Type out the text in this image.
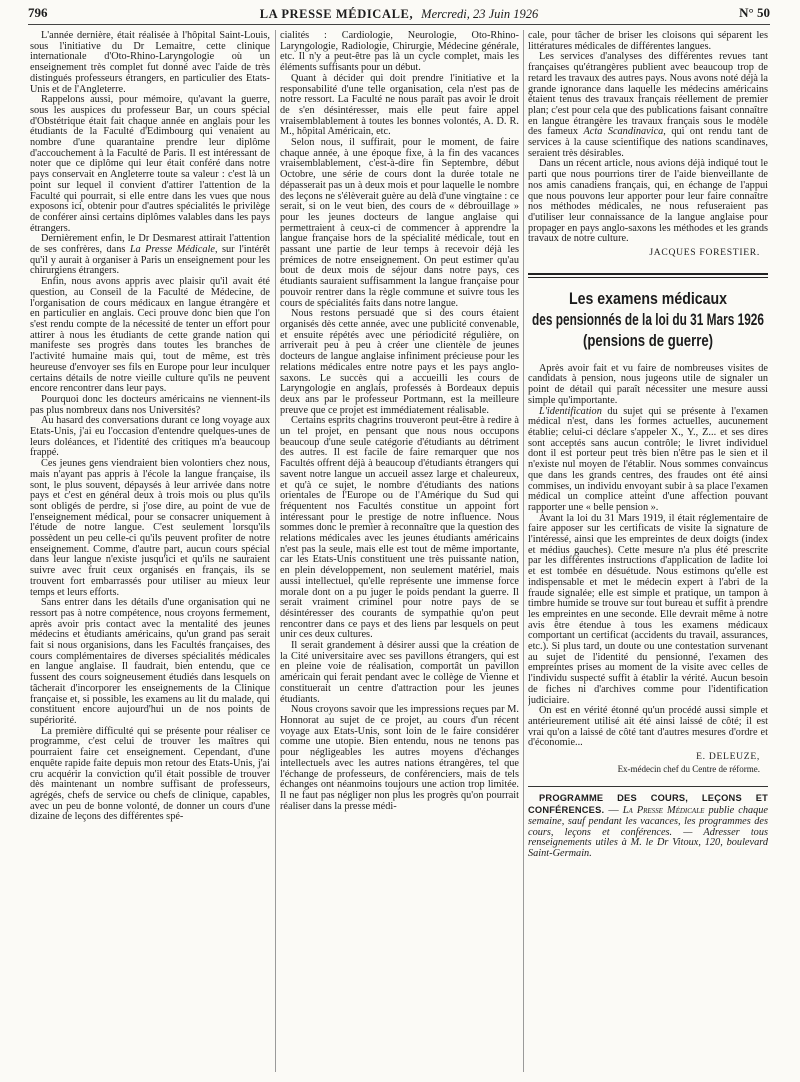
796	LA PRESSE MÉDICALE, Mercredi, 23 Juin 1926	N° 50

L'année dernière, était réalisée à l'hôpital Saint-Louis, sous l'initiative du Dr Lemaitre, cette clinique internationale d'Oto-Rhino-Laryngologie où un enseignement très complet fut donné avec l'aide de très distingués professeurs étrangers, en particulier des Etats-Unis et de l'Angleterre.

Rappelons aussi, pour mémoire, qu'avant la guerre, sous les auspices du professeur Bar, un cours spécial d'Obstétrique était fait chaque année en anglais pour les étudiants de la Faculté d'Edimbourg qui venaient au nombre d'une quarantaine prendre leur diplôme d'accouchement à la Faculté de Paris. Il est intéressant de noter que ce diplôme qui leur était conféré dans notre pays conservait en Angleterre toute sa valeur : c'est là un point sur lequel il convient d'attirer l'attention de la Faculté qui pourrait, si elle entre dans les vues que nous exposons ici, obtenir pour d'autres spécialités le privilège de conférer ainsi certains diplômes valables dans les pays étrangers.

Dernièrement enfin, le Dr Desmarest attirait l'attention de ses confrères, dans La Presse Médicale, sur l'intérêt qu'il y aurait à organiser à Paris un enseignement pour les chirurgiens étrangers.

Enfin, nous avons appris avec plaisir qu'il avait été question, au Conseil de la Faculté de Médecine, de l'organisation de cours médicaux en langue étrangère et en particulier en anglais. Ceci prouve donc bien que l'on s'est rendu compte de la nécessité de tenter un effort pour attirer à nous les étudiants de cette grande nation qui manifeste ses progrès dans toutes les branches de l'activité humaine mais qui, tout de même, est très heureuse d'envoyer ses fils en Europe pour leur inculquer certains détails de notre vieille culture qu'ils ne peuvent encore rencontrer dans leur pays.

Pourquoi donc les docteurs américains ne viennent-ils pas plus nombreux dans nos Universités?

Au hasard des conversations durant ce long voyage aux Etats-Unis, j'ai eu l'occasion d'entendre quelques-unes de leurs doléances, et l'identité des critiques m'a beaucoup frappé.

Ces jeunes gens viendraient bien volontiers chez nous, mais n'ayant pas appris à l'école la langue française, ils sont, le plus souvent, dépaysés à leur arrivée dans notre pays et c'est en général deux à trois mois ou plus qu'ils sont obligés de perdre, si j'ose dire, au point de vue de l'enseignement médical, pour se consacrer uniquement à l'étude de notre langue. C'est seulement lorsqu'ils possèdent un peu celle-ci qu'ils peuvent profiter de notre enseignement. Comme, d'autre part, aucun cours spécial dans leur langue n'existe jusqu'ici et qu'ils ne sauraient suivre avec fruit ceux organisés en français, ils se trouvent fort embarrassés pour utiliser au mieux leur temps et leurs efforts.

Sans entrer dans les détails d'une organisation qui ne ressort pas à notre compétence, nous croyons fermement, après avoir pris contact avec la mentalité des jeunes médecins et étudiants américains, qu'un grand pas serait fait si nous organisions, dans les Facultés françaises, des cours complémentaires de diverses spécialités médicales en langue anglaise. Il faudrait, bien entendu, que ce fussent des cours soigneusement étudiés dans lesquels on tâcherait d'incorporer les enseignements de la Clinique française et, si possible, les examens au lit du malade, qui constituent encore aujourd'hui un de nos points de supériorité.

La première difficulté qui se présente pour réaliser ce programme, c'est celui de trouver les maîtres qui pourraient faire cet enseignement. Cependant, d'une enquête rapide faite depuis mon retour des Etats-Unis, j'ai cru acquérir la conviction qu'il était possible de trouver dès maintenant un nombre suffisant de professeurs, agrégés, chefs de service ou chefs de clinique, capables, avec un peu de bonne volonté, de donner un cours d'une dizaine de leçons des différentes spé-

cialités : Cardiologie, Neurologie, Oto-Rhino-Laryngologie, Radiologie, Chirurgie, Médecine générale, etc. Il n'y a peut-être pas là un cycle complet, mais les éléments suffisants pour un début.

Quant à décider qui doit prendre l'initiative et la responsabilité d'une telle organisation, cela n'est pas de notre ressort. La Faculté ne nous paraît pas avoir le droit de s'en désintéresser, mais elle peut faire appel vraisemblablement à toutes les bonnes volontés, A. D. R. M., hôpital Américain, etc.

Selon nous, il suffirait, pour le moment, de faire chaque année, à une époque fixe, à la fin des vacances vraisemblablement, c'est-à-dire fin Septembre, début Octobre, une série de cours dont la durée totale ne dépasserait pas un à deux mois et pour laquelle le nombre des leçons ne s'élèverait guère au delà d'une vingtaine : ce serait, si on le veut bien, des cours de « débrouillage » pour les jeunes docteurs de langue anglaise qui permettraient à ceux-ci de commencer à apprendre la langue française hors de la spécialité médicale, tout en passant une partie de leur temps à recevoir déjà les prémices de notre enseignement. On peut estimer qu'au bout de deux mois de séjour dans notre pays, ces étudiants sauraient suffisamment la langue française pour pouvoir rentrer dans la règle commune et suivre tous les cours de spécialités faits dans notre langue.

Nous restons persuadé que si des cours étaient organisés dès cette année, avec une publicité convenable, et ensuite répétés avec une périodicité régulière, on arriverait peu à peu à créer une clientèle de jeunes docteurs de langue anglaise infiniment précieuse pour les relations médicales entre notre pays et les pays anglo-saxons. Le succès qui a accueilli les cours de Laryngologie en anglais, professés à Bordeaux depuis deux ans par le professeur Portmann, est la meilleure preuve que ce projet est immédiatement réalisable.

Certains esprits chagrins trouveront peut-être à redire à un tel projet, en pensant que nous nous occupons beaucoup d'une seule catégorie d'étudiants au détriment des autres. Il est facile de faire remarquer que nos Facultés offrent déjà à beaucoup d'étudiants étrangers qui savent notre langue un accueil assez large et chaleureux, et qu'à ce sujet, le nombre d'étudiants des nations orientales de l'Europe ou de l'Amérique du Sud qui fréquentent nos Facultés constitue un appoint fort intéressant pour le prestige de notre influence. Nous sommes donc le premier à reconnaître que la question des relations médicales avec les jeunes étudiants américains n'est pas la seule, mais elle est tout de même importante, car les Etats-Unis constituent une très puissante nation, en plein développement, non seulement matériel, mais aussi intellectuel, qu'elle représente une immense force morale dont on a pu juger le poids pendant la guerre. Il serait vraiment criminel pour notre pays de se désintéresser des courants de sympathie qu'on peut rencontrer dans ce pays et des liens par lesquels on peut unir ces deux cultures.

Il serait grandement à désirer aussi que la création de la Cité universitaire avec ses pavillons étrangers, qui est en pleine voie de réalisation, comportât un pavillon américain qui ferait pendant avec le collège de Vienne et constituerait un centre d'attraction pour les jeunes étudiants.

Nous croyons savoir que les impressions reçues par M. Honnorat au sujet de ce projet, au cours d'un récent voyage aux Etats-Unis, sont loin de le faire considérer comme une utopie. Bien entendu, nous ne tenons pas pour négligeables les autres moyens d'échanges intellectuels avec les autres nations étrangères, tel que l'échange de professeurs, de conférenciers, mais de tels échanges ont néanmoins toujours une action trop limitée. Il ne faut pas négliger non plus les progrès qu'on pourrait réaliser dans la presse médi-

cale, pour tâcher de briser les cloisons qui séparent les littératures médicales de différentes langues.

Les services d'analyses des différentes revues tant françaises qu'étrangères publient avec beaucoup trop de retard les travaux des autres pays. Nous avons noté déjà la grande ignorance dans laquelle les médecins américains étaient tenus des travaux français réellement de premier plan; c'est pour cela que des publications faisant connaître en langue étrangère les travaux français sous le modèle des fameux Acta Scandinavica, qui ont rendu tant de services à la cause scientifique des nations scandinaves, seraient très désirables.

Dans un récent article, nous avions déjà indiqué tout le parti que nous pourrions tirer de l'aide bienveillante de nos amis canadiens français, qui, en échange de l'appui que nous pouvons leur apporter pour leur faire connaître nos méthodes médicales, ne nous refuseraient pas d'utiliser leur connaissance de la langue anglaise pour propager en pays anglo-saxons les méthodes et les grands travaux de notre culture.

JACQUES FORESTIER.
Les examens médicaux
des pensionnés de la loi du 31 Mars 1926
(pensions de guerre)

Après avoir fait et vu faire de nombreuses visites de candidats à pension, nous jugeons utile de signaler un point de détail qui paraît nécessiter une mesure aussi simple qu'importante.

L'identification du sujet qui se présente à l'examen médical n'est, dans les formes actuelles, aucunement établie; celui-ci déclare s'appeler X., Y., Z... et ses dires sont acceptés sans aucun contrôle; le livret individuel dont il est porteur peut très bien n'être pas le sien et il n'existe nul moyen de l'établir. Nous sommes convaincus que dans les grands centres, des fraudes ont été ainsi commises, un individu envoyant subir à sa place l'examen médical un complice atteint d'une affection pouvant rapporter une « belle pension ».

Avant la loi du 31 Mars 1919, il était réglementaire de faire apposer sur les certificats de visite la signature de l'intéressé, ainsi que les empreintes de deux doigts (index et médius gauches). Cette mesure n'a plus été prescrite par les différentes instructions d'application de ladite loi et est tombée en désuétude. Nous estimons qu'elle est indispensable et met le médecin expert à l'abri de la fraude signalée; elle est simple et pratique, un tampon à timbre humide se trouve sur tout bureau et suffit à prendre les empreintes en une seconde. Elle devrait même à notre avis être étendue à tous les examens médicaux comportant un certificat (accidents du travail, assurances, etc.). Si plus tard, un doute ou une contestation survenant au sujet de l'identité du pensionné, l'examen des empreintes prises au moment de la visite avec celles de l'individu suspecté suffit à établir la vérité. Aucun besoin de fiches ni d'archives comme pour l'identification judiciaire.

On est en vérité étonné qu'un procédé aussi simple et antérieurement utilisé ait été ainsi laissé de côté; il est vrai qu'on a laissé de côté tant d'autres mesures d'ordre et d'économie...

E. DELEUZE,
Ex-médecin chef du Centre de réforme.

PROGRAMME DES COURS, LEÇONS ET CONFÉRENCES. — La Presse Médicale publie chaque semaine, sauf pendant les vacances, les programmes des cours, leçons et conférences. — Adresser tous renseignements utiles à M. le Dr Vitoux, 120, boulevard Saint-Germain.
